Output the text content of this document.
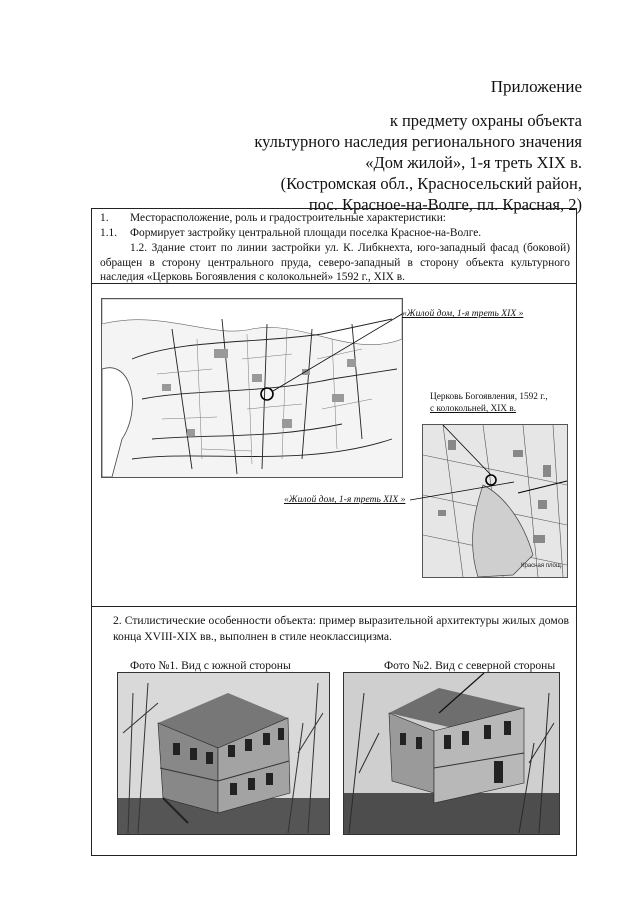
Приложение
к предмету охраны объекта
культурного наследия регионального значения
«Дом жилой», 1-я треть XIX в.
(Костромская обл., Красносельский район,
пос. Красное-на-Волге, пл. Красная, 2)
1. Месторасположение, роль и градостроительные характеристики:
1.1. Формирует застройку центральной площади поселка Красное-на-Волге.
1.2. Здание стоит по линии застройки ул. К. Либкнехта, юго-западный фасад (боковой) обращен в сторону центрального пруда, северо-западный в сторону объекта культурного наследия «Церковь Богоявления с колокольней» 1592 г., XIX в.
«Жилой дом, 1-я треть XIX »
Церковь Богоявления, 1592 г.,
с колокольней, XIX в.
Красная площ.
«Жилой дом, 1-я треть XIX »
2. Стилистические особенности объекта: пример выразительной архитектуры жилых домов конца XVIII-XIX вв., выполнен в стиле неоклассицизма.
Фото №1. Вид с южной стороны	Фото №2. Вид с северной стороны
